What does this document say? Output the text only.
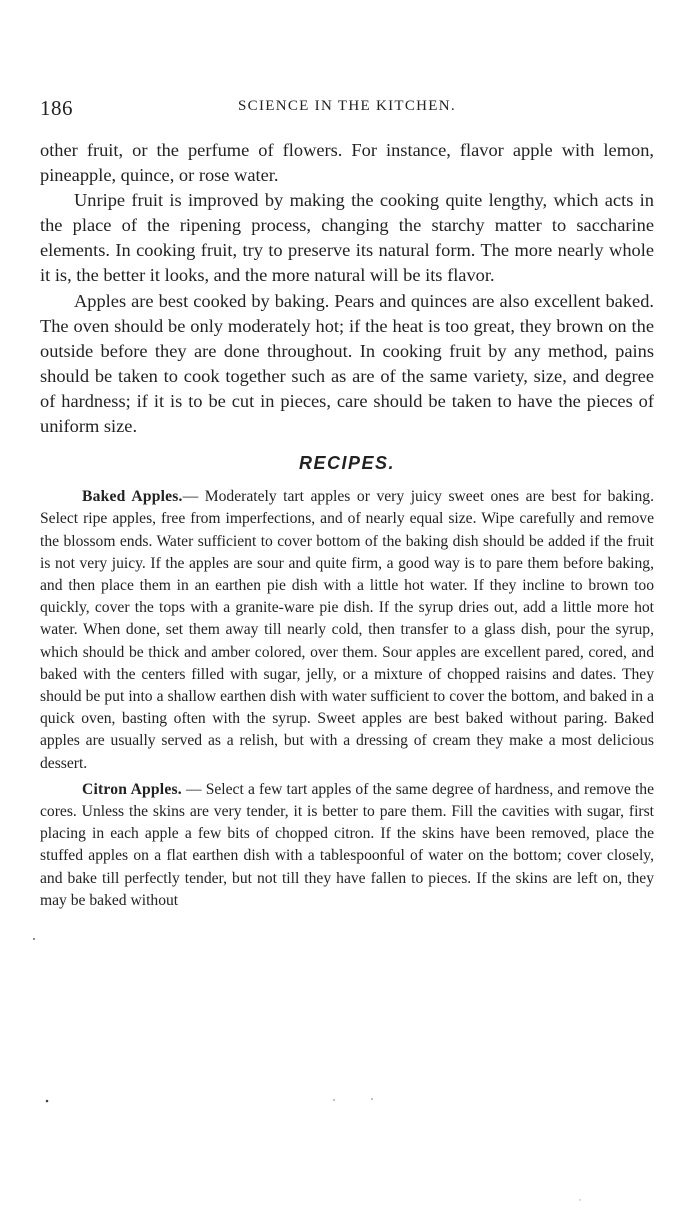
186	SCIENCE IN THE KITCHEN.

other fruit, or the perfume of flowers. For instance, flavor apple with lemon, pineapple, quince, or rose water.

Unripe fruit is improved by making the cooking quite lengthy, which acts in the place of the ripening process, changing the starchy matter to saccharine elements. In cooking fruit, try to preserve its natural form. The more nearly whole it is, the better it looks, and the more natural will be its flavor.

Apples are best cooked by baking. Pears and quinces are also excellent baked. The oven should be only moderately hot; if the heat is too great, they brown on the outside before they are done throughout. In cooking fruit by any method, pains should be taken to cook together such as are of the same variety, size, and degree of hardness; if it is to be cut in pieces, care should be taken to have the pieces of uniform size.

RECIPES.

Baked Apples.— Moderately tart apples or very juicy sweet ones are best for baking. Select ripe apples, free from imperfections, and of nearly equal size. Wipe carefully and remove the blossom ends. Water sufficient to cover bottom of the baking dish should be added if the fruit is not very juicy. If the apples are sour and quite firm, a good way is to pare them before baking, and then place them in an earthen pie dish with a little hot water. If they incline to brown too quickly, cover the tops with a granite-ware pie dish. If the syrup dries out, add a little more hot water. When done, set them away till nearly cold, then transfer to a glass dish, pour the syrup, which should be thick and amber colored, over them. Sour apples are excellent pared, cored, and baked with the centers filled with sugar, jelly, or a mixture of chopped raisins and dates. They should be put into a shallow earthen dish with water sufficient to cover the bottom, and baked in a quick oven, basting often with the syrup. Sweet apples are best baked without paring. Baked apples are usually served as a relish, but with a dressing of cream they make a most delicious dessert.

Citron Apples. — Select a few tart apples of the same degree of hardness, and remove the cores. Unless the skins are very tender, it is better to pare them. Fill the cavities with sugar, first placing in each apple a few bits of chopped citron. If the skins have been removed, place the stuffed apples on a flat earthen dish with a tablespoonful of water on the bottom; cover closely, and bake till perfectly tender, but not till they have fallen to pieces. If the skins are left on, they may be baked without
